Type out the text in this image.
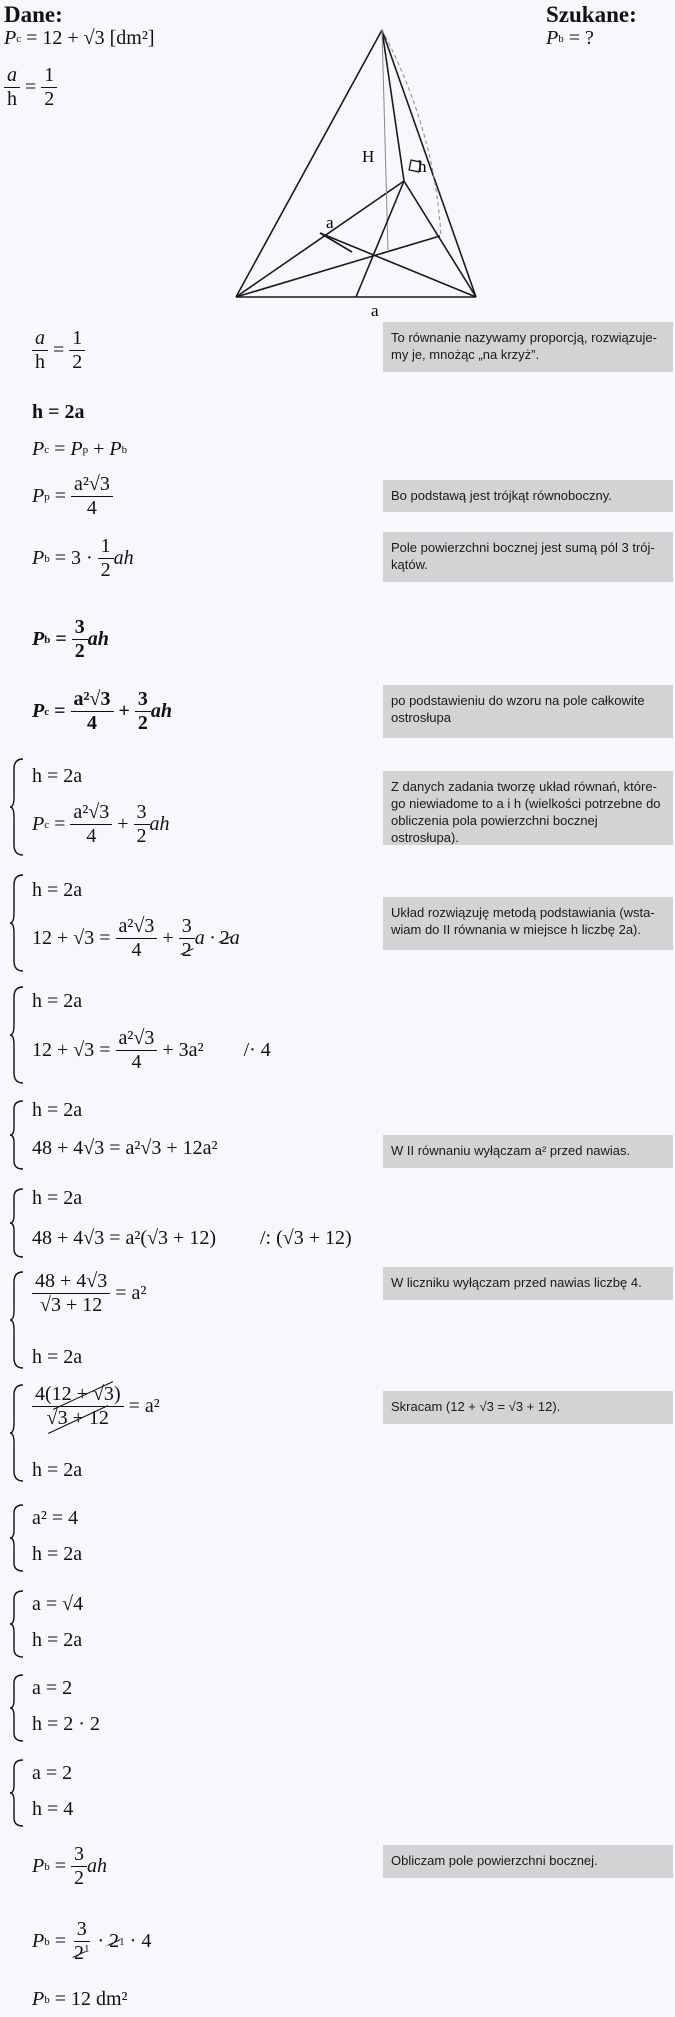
Dane:
P c
= 12 + √3 [dm²]
$\frac{a}{h}$
=
$\frac{1}{2}$
Szukane:
P b
= ?
H
h
a
a
To równanie nazywamy proporcją, rozwiązujemy je, mnożąc „na krzyż”.
Bo podstawą jest trójkąt równoboczny.
Pole powierzchni bocznej jest sumą pól 3 trójkątów.
po podstawieniu do wzoru na pole całkowite ostrosłupa
Z danych zadania tworzę układ równań, którego niewiadome to a i h (wielkości potrzebne do obliczenia pola powierzchni bocznej ostrosłupa).
Układ rozwiązuję metodą podstawiania (wstawiam do II równania w miejsce h liczbę 2a).
W II równaniu wyłączam a² przed nawias.
W liczniku wyłączam przed nawias liczbę 4.
Skracam (12 + √3 = √3 + 12).
Obliczam pole powierzchni bocznej.
$\frac{a}{h}$
=
$\frac{1}{2}$
h = 2a
P c = P p + P b
P $p = \frac{\text{a²√3}}{4}$
P b = 3 ·
$\frac{1}{2}$ ah
P $b = \frac{3}{2}$ ah
P $c = \frac{\text{a²√3}}{4} + \frac{3}{2}$ ah
h = 2a
P $c = \frac{\text{a²√3}}{4} + \frac{3}{2}$ ah
h = 2a
12 + √3 =
$\frac{\text{a²√3}}{4} + \frac{3}{2}$ a ·
2 a
h = 2a
12 + √3 =
$\frac{\text{a²√3}}{4}$
+ 3a² /· 4
h = 2a
48 + 4√3 = a²√3 + 12a²
h = 2a
48 + 4√3 = a²(√3 + 12) /: (√3 + 12)
$\frac{48 + 4√3}{√3 + 12}$
= a²
h = 2a
$\frac{4(12 + √3)}{√3 + 12}$
= a²
h = 2a
a² = 4
h = 2a
a = √4
h = 2a
a = 2
h = 2 · 2
a = 2
h = 4
P $b = \frac{3}{2}$ ah
P $b = \frac{3}{2^1} \cdot 2$ 1
· 4
P b
= 12 dm²
